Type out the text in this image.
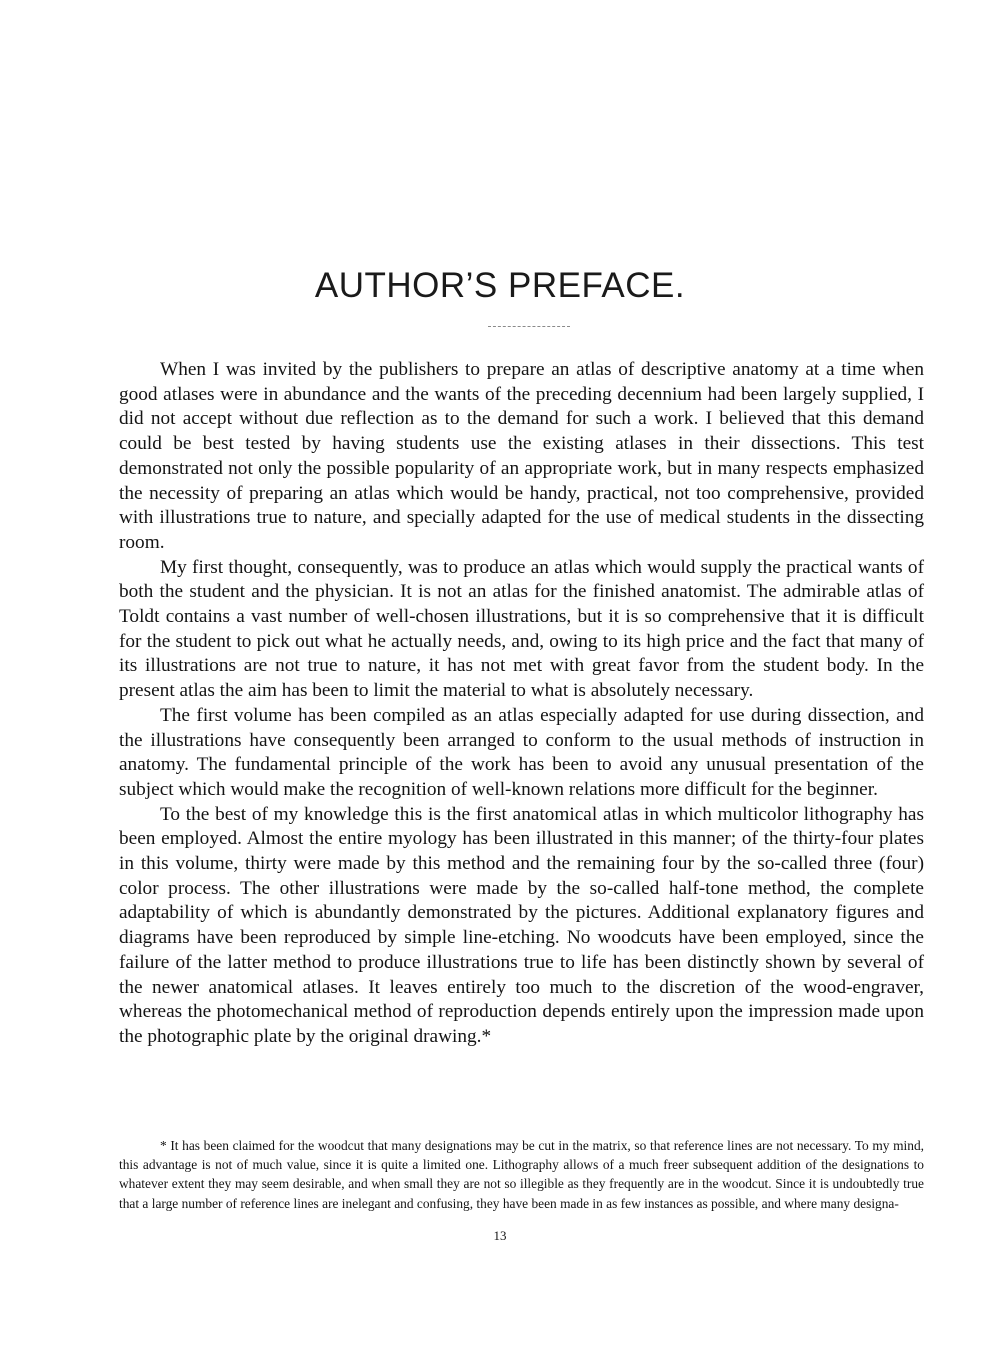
AUTHOR’S PREFACE.

When I was invited by the publishers to prepare an atlas of descriptive anatomy at a time when good atlases were in abundance and the wants of the preceding decennium had been largely supplied, I did not accept without due reflection as to the demand for such a work. I believed that this demand could be best tested by having students use the existing atlases in their dissections. This test demonstrated not only the possible popularity of an appropriate work, but in many respects emphasized the necessity of preparing an atlas which would be handy, practical, not too comprehensive, provided with illustrations true to nature, and specially adapted for the use of medical students in the dissecting room.

My first thought, consequently, was to produce an atlas which would supply the practical wants of both the student and the physician. It is not an atlas for the finished anatomist. The admirable atlas of Toldt contains a vast number of well-chosen illustrations, but it is so comprehensive that it is difficult for the student to pick out what he actually needs, and, owing to its high price and the fact that many of its illustrations are not true to nature, it has not met with great favor from the student body. In the present atlas the aim has been to limit the material to what is absolutely necessary.

The first volume has been compiled as an atlas especially adapted for use during dissection, and the illustrations have consequently been arranged to conform to the usual methods of instruction in anatomy. The fundamental principle of the work has been to avoid any unusual presentation of the subject which would make the recognition of well-known relations more difficult for the beginner.

To the best of my knowledge this is the first anatomical atlas in which multicolor lithography has been employed. Almost the entire myology has been illustrated in this manner; of the thirty-four plates in this volume, thirty were made by this method and the remaining four by the so-called three (four) color process. The other illustrations were made by the so-called half-tone method, the complete adaptability of which is abundantly demonstrated by the pictures. Additional explanatory figures and diagrams have been reproduced by simple line-etching. No woodcuts have been employed, since the failure of the latter method to produce illustrations true to life has been distinctly shown by several of the newer anatomical atlases. It leaves entirely too much to the discretion of the wood-engraver, whereas the photomechanical method of reproduction depends entirely upon the impression made upon the photographic plate by the original drawing.*

* It has been claimed for the woodcut that many designations may be cut in the matrix, so that reference lines are not necessary. To my mind, this advantage is not of much value, since it is quite a limited one. Lithography allows of a much freer subsequent addition of the designations to whatever extent they may seem desirable, and when small they are not so illegible as they frequently are in the woodcut. Since it is undoubtedly true that a large number of reference lines are inelegant and confusing, they have been made in as few instances as possible, and where many designa-

13
